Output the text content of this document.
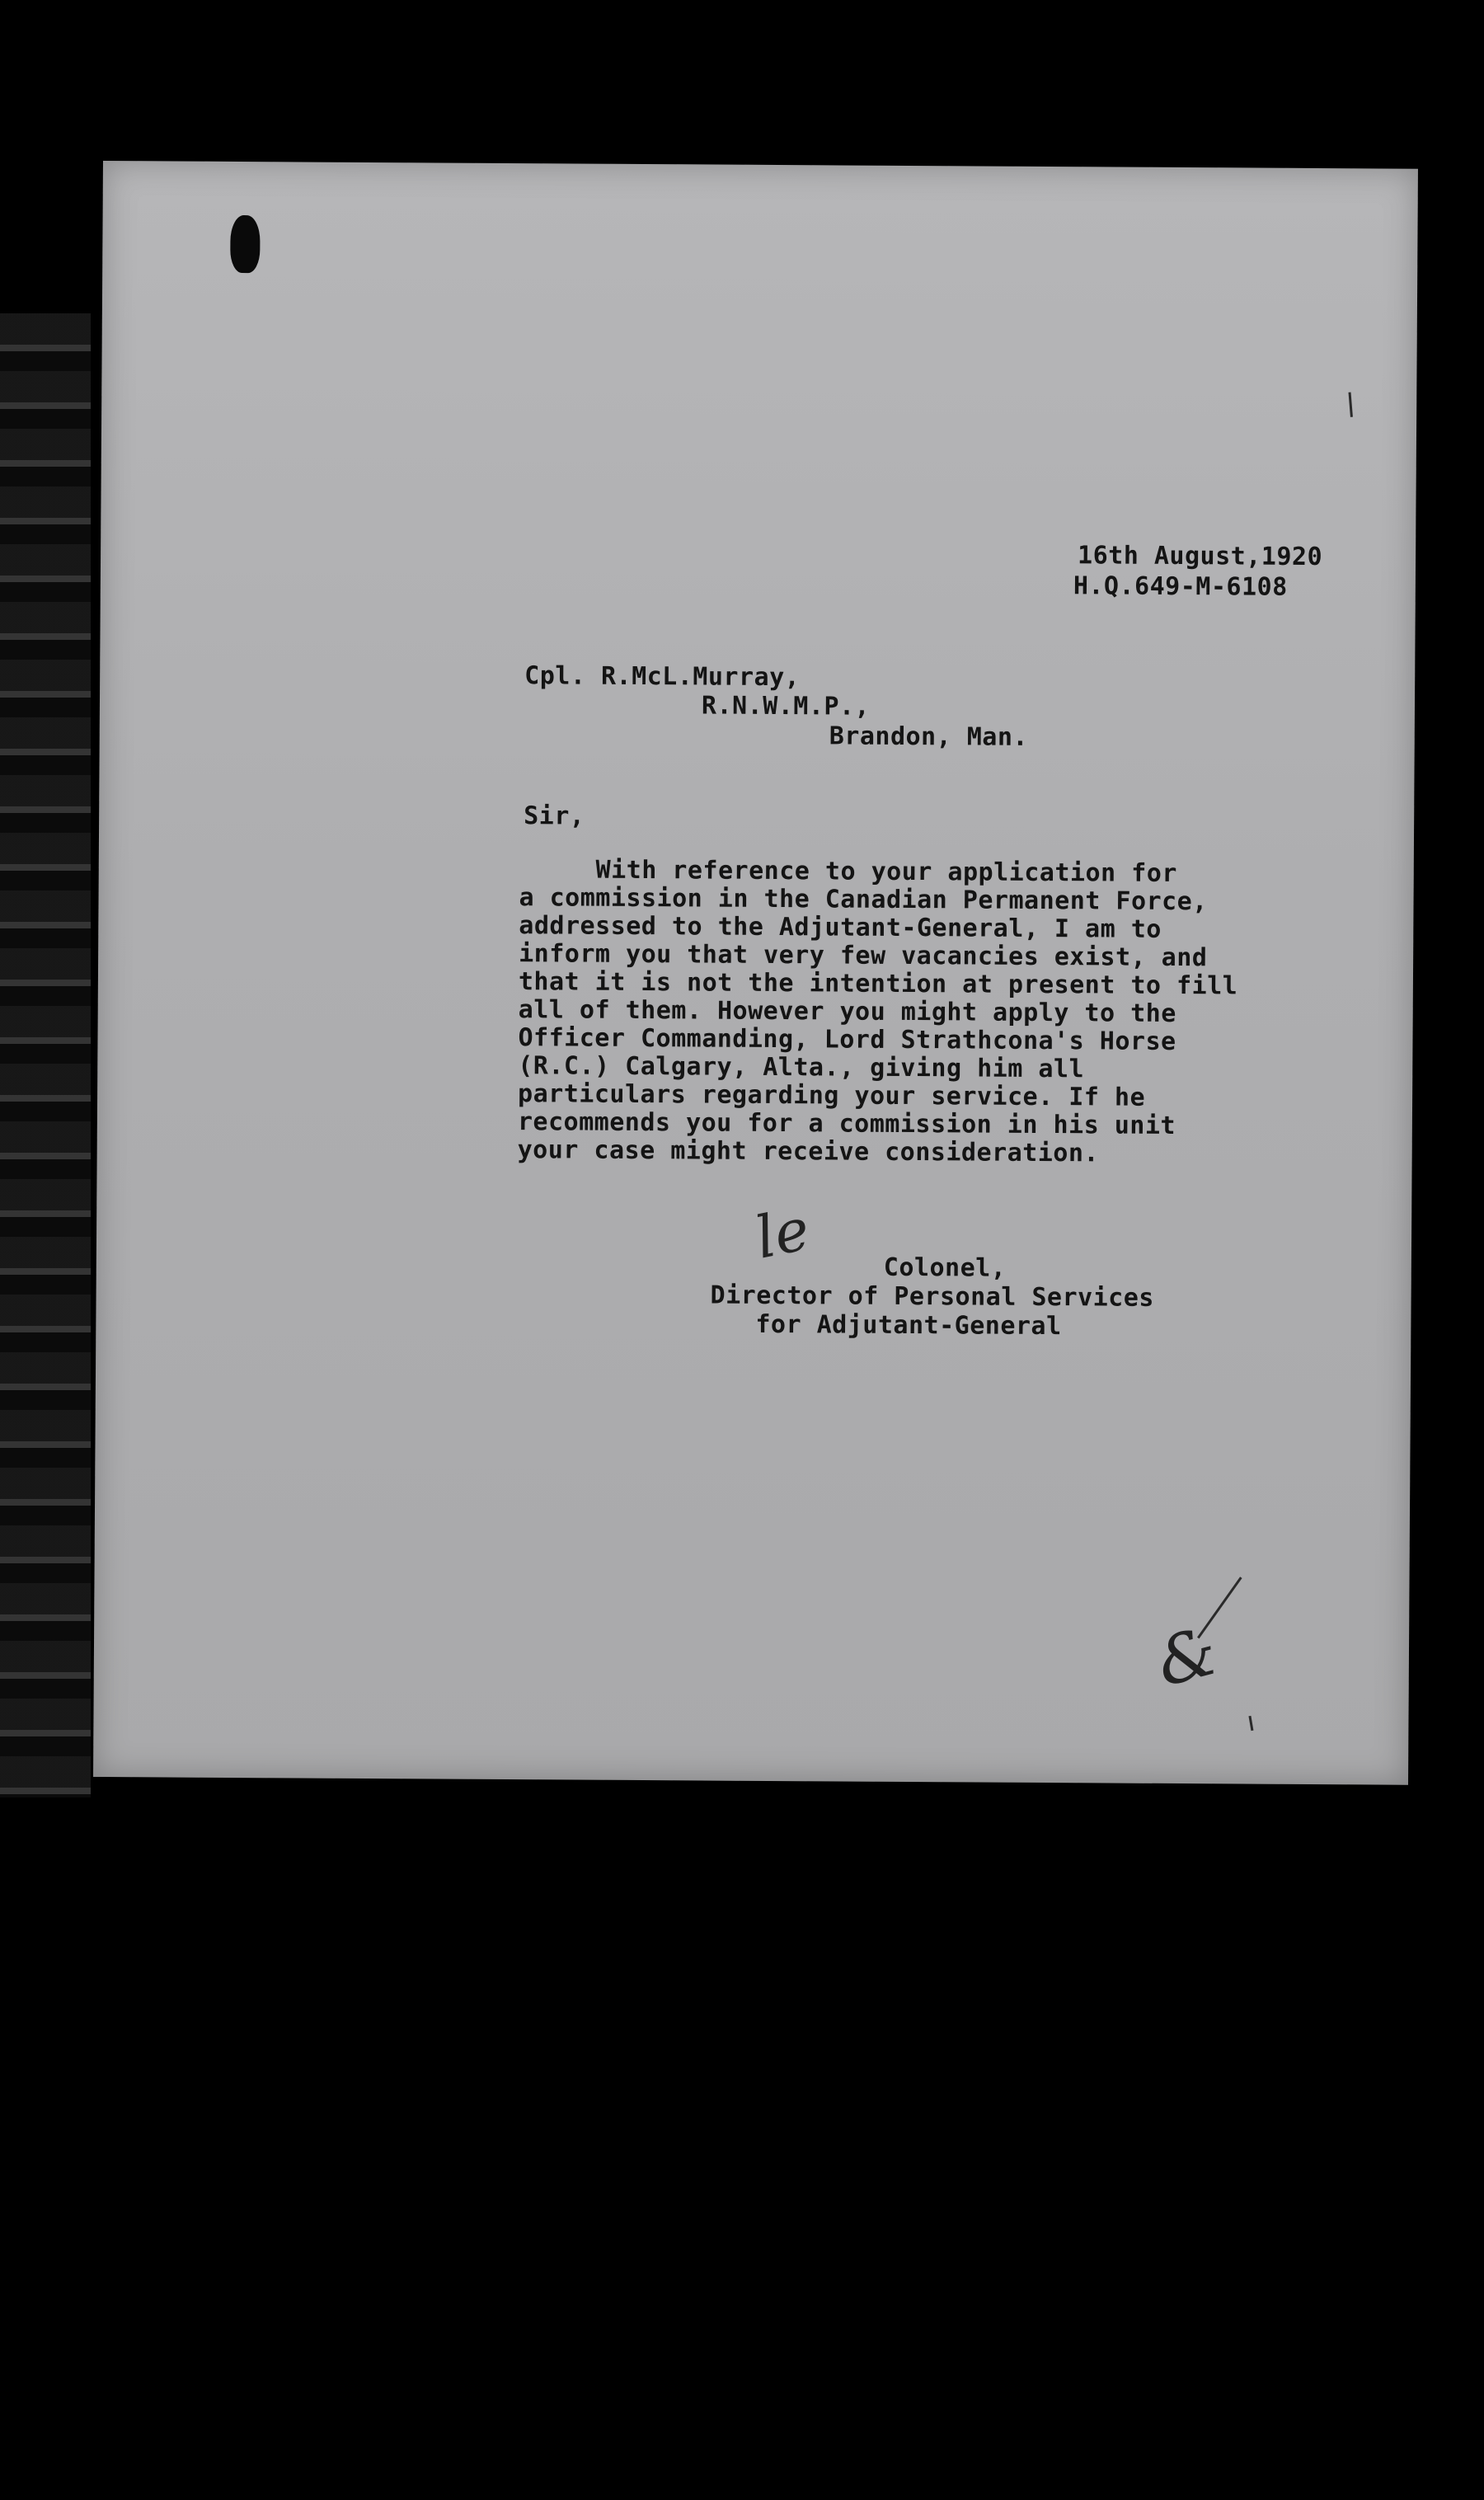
16th August,1920
H.Q.649-M-6108
Cpl. R.McL.Murray,
R.N.W.M.P.,
Brandon, Man.
Sir,
With reference to your application for
a commission in the Canadian Permanent Force,
addressed to the Adjutant-General, I am to
inform you that very few vacancies exist, and
that it is not the intention at present to fill
all of them. However you might apply to the
Officer Commanding, Lord Strathcona's Horse
(R.C.) Calgary, Alta., giving him all
particulars regarding your service. If he
recommends you for a commission in his unit
your case might receive consideration.
le	Colonel,
Director of Personal Services
for Adjutant-General
&
